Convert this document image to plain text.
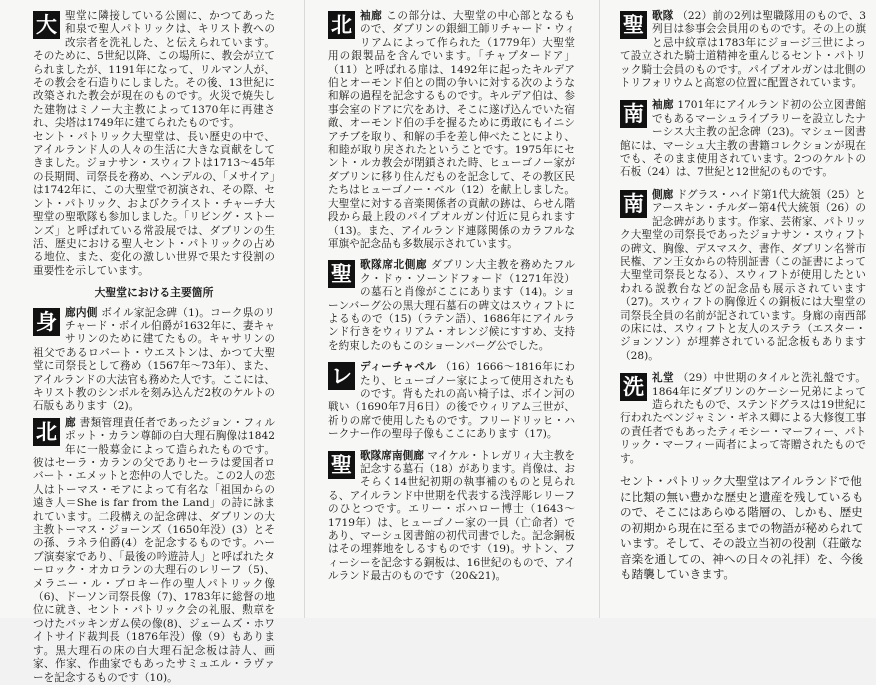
大 聖堂に隣接している公園に、かつてあった和泉で聖人パトリックは、キリスト教への改宗者を洗礼した、と伝えられています。そのために、5世紀以降、この場所に、教会が立てられましたが、1191年になって、リルマン人が、その教会を石造りにしました。その後、13世紀に改築された教会が現在のものです。火災で焼失した建物はミノー大主教によって1370年に再建され、尖塔は1749年に建てられたものです。

セント・パトリック大聖堂は、長い歴史の中で、アイルランド人の人々の生活に大きな貢献をしてきました。ジョナサン・スウィフトは1713～45年の長期間、司祭長を務め、ヘンデルの、「メサイア」は1742年に、この大聖堂で初演され、その際、セント・パトリック、およびクライスト・チャーチ大聖堂の聖歌隊も参加しました。「リビング・ストーンズ」と呼ばれている常設展では、ダブリンの生活、歴史における聖人セント・パトリックの占める地位、また、変化の激しい世界で果たす役割の重要性を示しています。

大聖堂における主要箇所
身 廊内側 ボイル家記念碑（1)。コーク県のリチャード・ボイル伯爵が1632年に、妻キャサリンのために建てたもの。キャサリンの祖父であるロバート・ウエストンは、かつて大聖堂に司祭長として務め（1567年～73年）、また、アイルランドの大法官も務めた人です。ここには、キリスト教のシンボルを刻み込んだ2枚のケルトの石版もあります（2)。

北 廊 書類管理責任者であったジョン・フィルポット・カラン尊師の白大理石胸像は1842年に一般募金によって造られたものです。彼はセーラ・カランの父でありセーラは愛国者ロバート・エメットと恋仲の人でした。この2人の恋人はトーマス・モアによって有名な「祖国からの遠き人＝She is far from the Land」の詩に詠まれています。二段構えの記念碑は、ダブリンの大主教トーマス・ジョーンズ（1650年没）(3）とその孫、ラネラ伯爵(4）を記念するものです。ハーブ演奏家であり、「最後の吟遊詩人」と呼ばれたターロック・オカロランの大理石のレリーフ（5)、メラニー・ル・ブロキー作の聖人パトリック像（6)、ドーソン司祭長像（7)、1783年に総督の地位に就き、セント・パトリック会の礼服、勲章をつけたバッキンガム侯の像(8)、ジェームズ・ホワイトサイド裁判長（1876年没）像（9）もあります。黒大理石の床の白大理石記念板は詩人、画家、作家、作曲家でもあったサミュエル・ラヴァーを記念するものです（10)。

北 袖廊 この部分は、大聖堂の中心部となるもので、ダブリンの銀細工師リチャード・ウィリアムによって作られた（1779年）大聖堂用の銀製品を含んでいます。「チャプタードア」（11）と呼ばれる扉は、1492年に起ったキルデア伯とオーモンド伯との間の争いに対する次のような和解の過程を記念するものです。キルデア伯は、参事会室のドアに穴をあけ、そこに遂げ込んでいた宿敵、オーモンド伯の手を握るために勇敢にもイニシアチブを取り、和解の手を差し伸べたことにより、和睦が取り戻されたということです。1975年にセント・ルカ教会が閉鎖された時、ヒューゴノー家がダブリンに移り住んだものを記念して、その教区民たちはヒューゴノー・ベル（12）を献上しました。大聖堂に対する音楽関係者の貢献の跡は、らせん階段から最上段のパイプオルガン付近に見られます（13)。また、アイルランド連隊関係のカラフルな軍旗や記念品も多数展示されています。

聖 歌隊席北側廊 ダブリン大主教を務めたフルク・ドゥ・ソーンドフォード（1271年没）の墓石と肖像がここにあります（14)。ショーンバーグ公の黒大理石墓石の碑文はスウィフトによるもので（15)（ラテン語）、1686年にアイルランド行きをウィリアム・オレンジ候にすすめ、支持を約束したのもこのショーンバーグ公でした。

レ ディーチャペル （16）1666～1816年にわたり、ヒューゴノー家によって使用されたものです。背もたれの高い椅子は、ボイン河の戦い（1690年7月6日）の後でウィリアム三世が、祈りの席で使用したものです。フリードリッヒ・ハークナー作の聖母子像もここにあります（17)。

聖 歌隊席南側廊 マイケル・トレガリィ大主教を記念する墓石（18）があります。肖像は、おそらく14世紀初期の執事補のものと見られる、アイルランド中世期を代表する浅浮彫レリーフのひとつです。エリー・ボハロー博士（1643～1719年）は、ヒューゴノー家の一員（亡命者）であり、マーシュ図書館の初代司書でした。記念銅板はその埋葬地をしるすものです（19)。サトン、フィーシーを記念する銅板は、16世紀のもので、アイルランド最古のものです（20&21)。

聖 歌隊 （22）前の2列は聖職隊用のもので、3列目は参事会会員用のものです。その上の旗と忌中紋章は1783年にジョージ三世によって設立された騎士道精神を重んじるセント・パトリック騎士会員のものです。パイプオルガンは北側のトリフォリウムと高窓の位置に配置されています。

南 袖廊 1701年にアイルランド初の公立図書館でもあるマーシュライブラリーを設立したナーシス大主教の記念碑（23)。マシュー図書館には、マーシュ大主教の書籍コレクションが現在でも、そのまま使用されています。2つのケルトの石板（24）は、7世紀と12世紀のものです。

南 側廊 ドグラス・ハイド第1代大統領（25）とアースキン・チルダー第4代大統領（26）の記念碑があります。作家、芸術家、パトリック大聖堂の司祭長であったジョナサン・スウィフトの碑文、胸像、デスマスク、書作、ダブリン名誉市民権、アン王女からの特別証書（この証書によって大聖堂司祭長となる）、スウィフトが使用したといわれる説教台などの記念品も展示されています（27)。スウィフトの胸像近くの銅板には大聖堂の司祭長全員の名前が記されています。身廊の南西部の床には、スウィフトと友人のステラ（エスター・ジョンソン）が埋葬されている記念板もあります（28)。

洗 礼堂 （29）中世期のタイルと洗礼盤です。1864年にダブリンのケーシー兄弟によって造られたもので、ステンドグラスは19世紀に行われたベンジャミン・ギネス卿による大修復工事の責任者でもあったティモシー・マーフィー、パトリック・マーフィー両者によって寄贈されたものです。

セント・パトリック大聖堂はアイルランドで他に比類の無い豊かな歴史と遺産を残しているもので、そこにはあらゆる階層の、しかも、歴史の初期から現在に至るまでの物語が秘められています。そして、その設立当初の役割（荘厳な音楽を通しての、神への日々の礼拝）を、今後も踏襲していきます。
